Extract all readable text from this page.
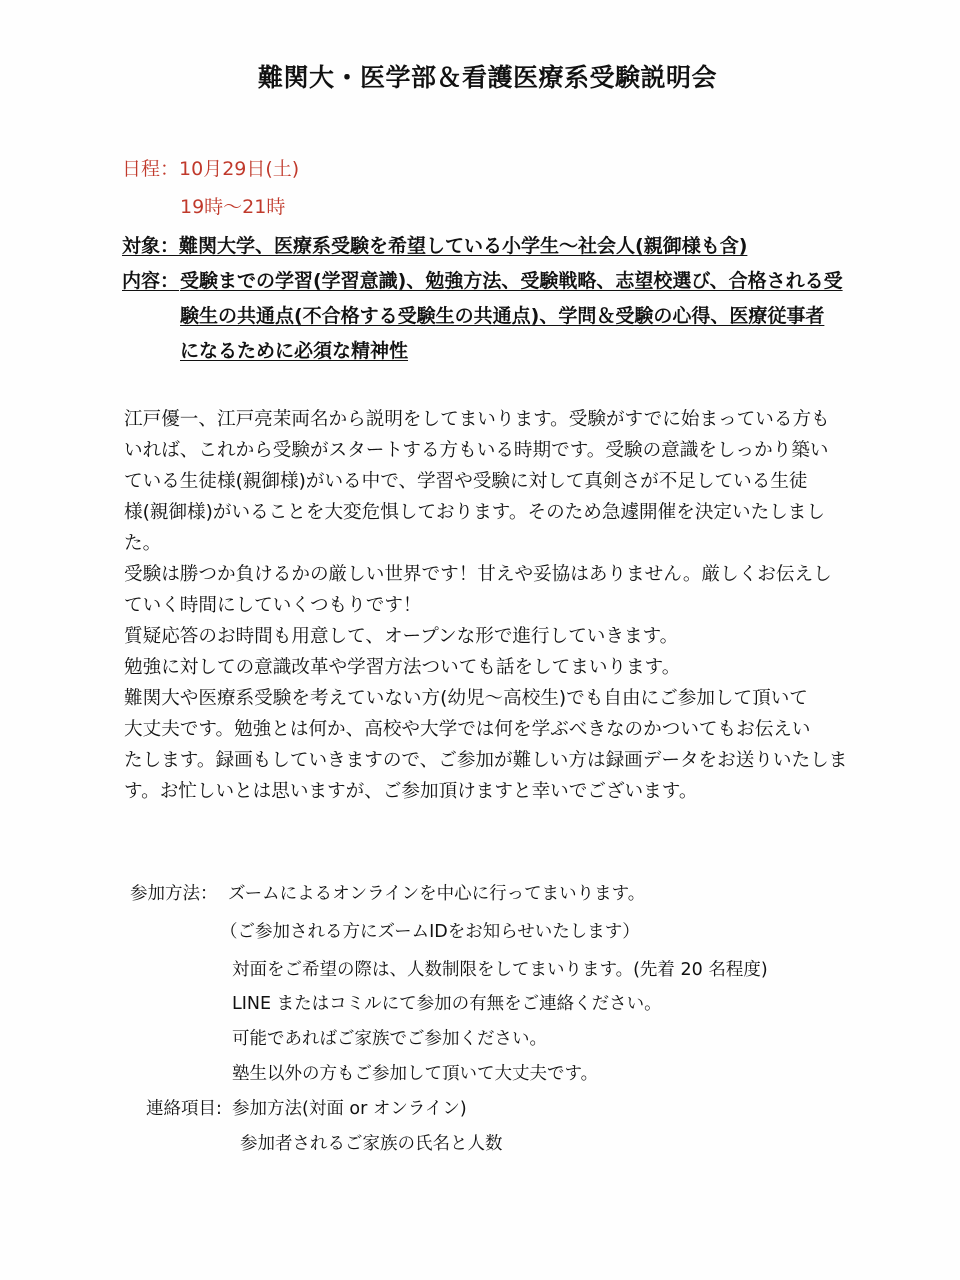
難関大・医学部＆看護医療系受験説明会
日程：10月29日(土)
19時～21時
対象：難関大学、医療系受験を希望している小学生～社会人(親御様も含)
内容： 受験までの学習(学習意識)、勉強方法、受験戦略、志望校選び、合格される受
験生の共通点(不合格する受験生の共通点)、学問＆受験の心得、医療従事者
になるために必須な精神性
江戸優一、江戸亮茉両名から説明をしてまいります。受験がすでに始まっている方も
いれば、これから受験がスタートする方もいる時期です。受験の意識をしっかり築い
ている生徒様(親御様)がいる中で、学習や受験に対して真剣さが不足している生徒
様(親御様)がいることを大変危惧しております。そのため急遽開催を決定いたしまし
た。
受験は勝つか負けるかの厳しい世界です！甘えや妥協はありません。厳しくお伝えし
ていく時間にしていくつもりです！
質疑応答のお時間も用意して、オープンな形で進行していきます。
勉強に対しての意識改革や学習方法ついても話をしてまいります。
難関大や医療系受験を考えていない方(幼児～高校生)でも自由にご参加して頂いて
大丈夫です。勉強とは何か、高校や大学では何を学ぶべきなのかついてもお伝えい
たします。録画もしていきますので、ご参加が難しい方は録画データをお送りいたしま
す。お忙しいとは思いますが、ご参加頂けますと幸いでございます。
参加方法： ズームによるオンラインを中心に行ってまいります。
（ご参加される方にズームIDをお知らせいたします）
対面をご希望の際は、人数制限をしてまいります。(先着 20 名程度)
LINE またはコミルにて参加の有無をご連絡ください。
可能であればご家族でご参加ください。
塾生以外の方もご参加して頂いて大丈夫です。
連絡項目: 参加方法(対面 or オンライン)
参加者されるご家族の氏名と人数
